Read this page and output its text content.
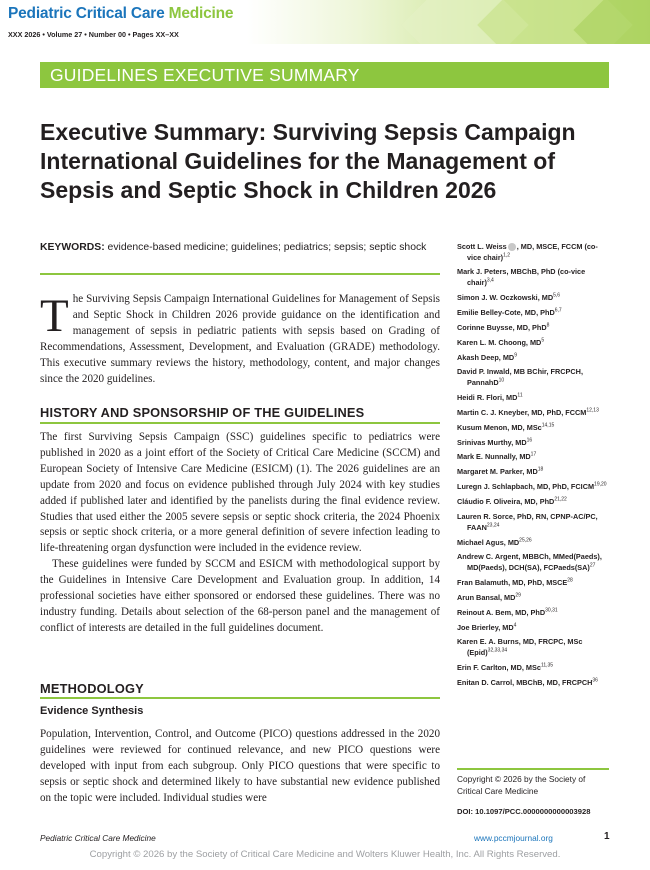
Pediatric Critical Care Medicine
XXX 2026 • Volume 27 • Number 00 • Pages XX–XX
GUIDELINES EXECUTIVE SUMMARY
Executive Summary: Surviving Sepsis Campaign International Guidelines for the Management of Sepsis and Septic Shock in Children 2026
KEYWORDS: evidence-based medicine; guidelines; pediatrics; sepsis; septic shock
The Surviving Sepsis Campaign International Guidelines for Management of Sepsis and Septic Shock in Children 2026 provide guidance on the identification and management of sepsis in pediatric patients with sepsis based on Grading of Recommendations, Assessment, Development, and Evaluation (GRADE) methodology. This executive summary reviews the history, methodology, content, and major changes since the 2020 guidelines.
HISTORY AND SPONSORSHIP OF THE GUIDELINES

The first Surviving Sepsis Campaign (SSC) guidelines specific to pediatrics were published in 2020 as a joint effort of the Society of Critical Care Medicine (SCCM) and European Society of Intensive Care Medicine (ESICM) (1). The 2026 guidelines are an update from 2020 and focus on evidence published through July 2024 with key studies added if published later and identified by the panelists during the final evidence review. Studies that used either the 2005 severe sepsis or septic shock criteria, the 2024 Phoenix sepsis or septic shock criteria, or a more general definition of severe infection leading to life-threatening organ dysfunction were included in the evidence review.

These guidelines were funded by SCCM and ESICM with methodological support by the Guidelines in Intensive Care Development and Evaluation group. In addition, 14 professional societies have either sponsored or endorsed these guidelines. There was no industry funding. Details about selection of the 68-person panel and the management of conflict of interests are detailed in the full guidelines document.

METHODOLOGY
Evidence Synthesis

Population, Intervention, Control, and Outcome (PICO) questions addressed in the 2020 guidelines were reviewed for continued relevance, and new PICO questions were developed with input from each subgroup. Only PICO questions that were specific to sepsis or septic shock and determined likely to have substantial new evidence published on the topic were included. Individual studies were

Scott L. Weiss , MD, MSCE, FCCM (co-vice chair)$^{1,2}$
Mark J. Peters, MBChB, PhD (co-vice chair)$^{3,4}$
Simon J. W. Oczkowski, MD$^{5,6}$
Emilie Belley-Cote, MD, PhD$^{6,7}$
Corinne Buysse, MD, PhD$^8$
Karen L. M. Choong, $MD^5$
Akash Deep, $MD^9$
David P. Inwald, MB BChir, FRCPCH, PannahD$^{10}$
Heidi R. Flori, MD$^{11}$
Martin C. J. Kneyber, MD, PhD, FCCM$^{12,13}$
Kusum Menon, MD, MSc$^{14,15}$
Srinivas Murthy, MD$^{16}$
Mark E. Nunnally, MD$^{17}$
Margaret M. Parker, MD$^{18}$
Luregn J. Schlapbach, MD, PhD, FCICM$^{19,20}$
Cláudio F. Oliveira, MD, PhD$^{21,22}$
Lauren R. Sorce, PhD, RN, CPNP-AC/PC, FAAN$^{23,24}$
Michael Agus, MD$^{25,26}$
Andrew C. Argent, MBBCh, MMed(Paeds), MD(Paeds), DCH(SA), FCPaeds(SA)$^{27}$
Fran Balamuth, MD, PhD, MSCE$^{28}$
Arun Bansal, MD$^{29}$
Reinout A. Bem, MD, PhD$^{30,31}$
Joe Brierley, $MD^4$
Karen E. A. Burns, MD, FRCPC, MSc (Epid)$^{32,33,34}$
Erin F. Carlton, MD, MSc$^{11,35}$
Enitan D. Carrol, MBChB, MD, FRCPCH$^{36}$
Copyright © 2026 by the Society of Critical Care Medicine
DOI: 10.1097/PCC.0000000000003928
Pediatric Critical Care Medicine	www.pccmjournal.org	1
Copyright © 2026 by the Society of Critical Care Medicine and Wolters Kluwer Health, Inc. All Rights Reserved.
